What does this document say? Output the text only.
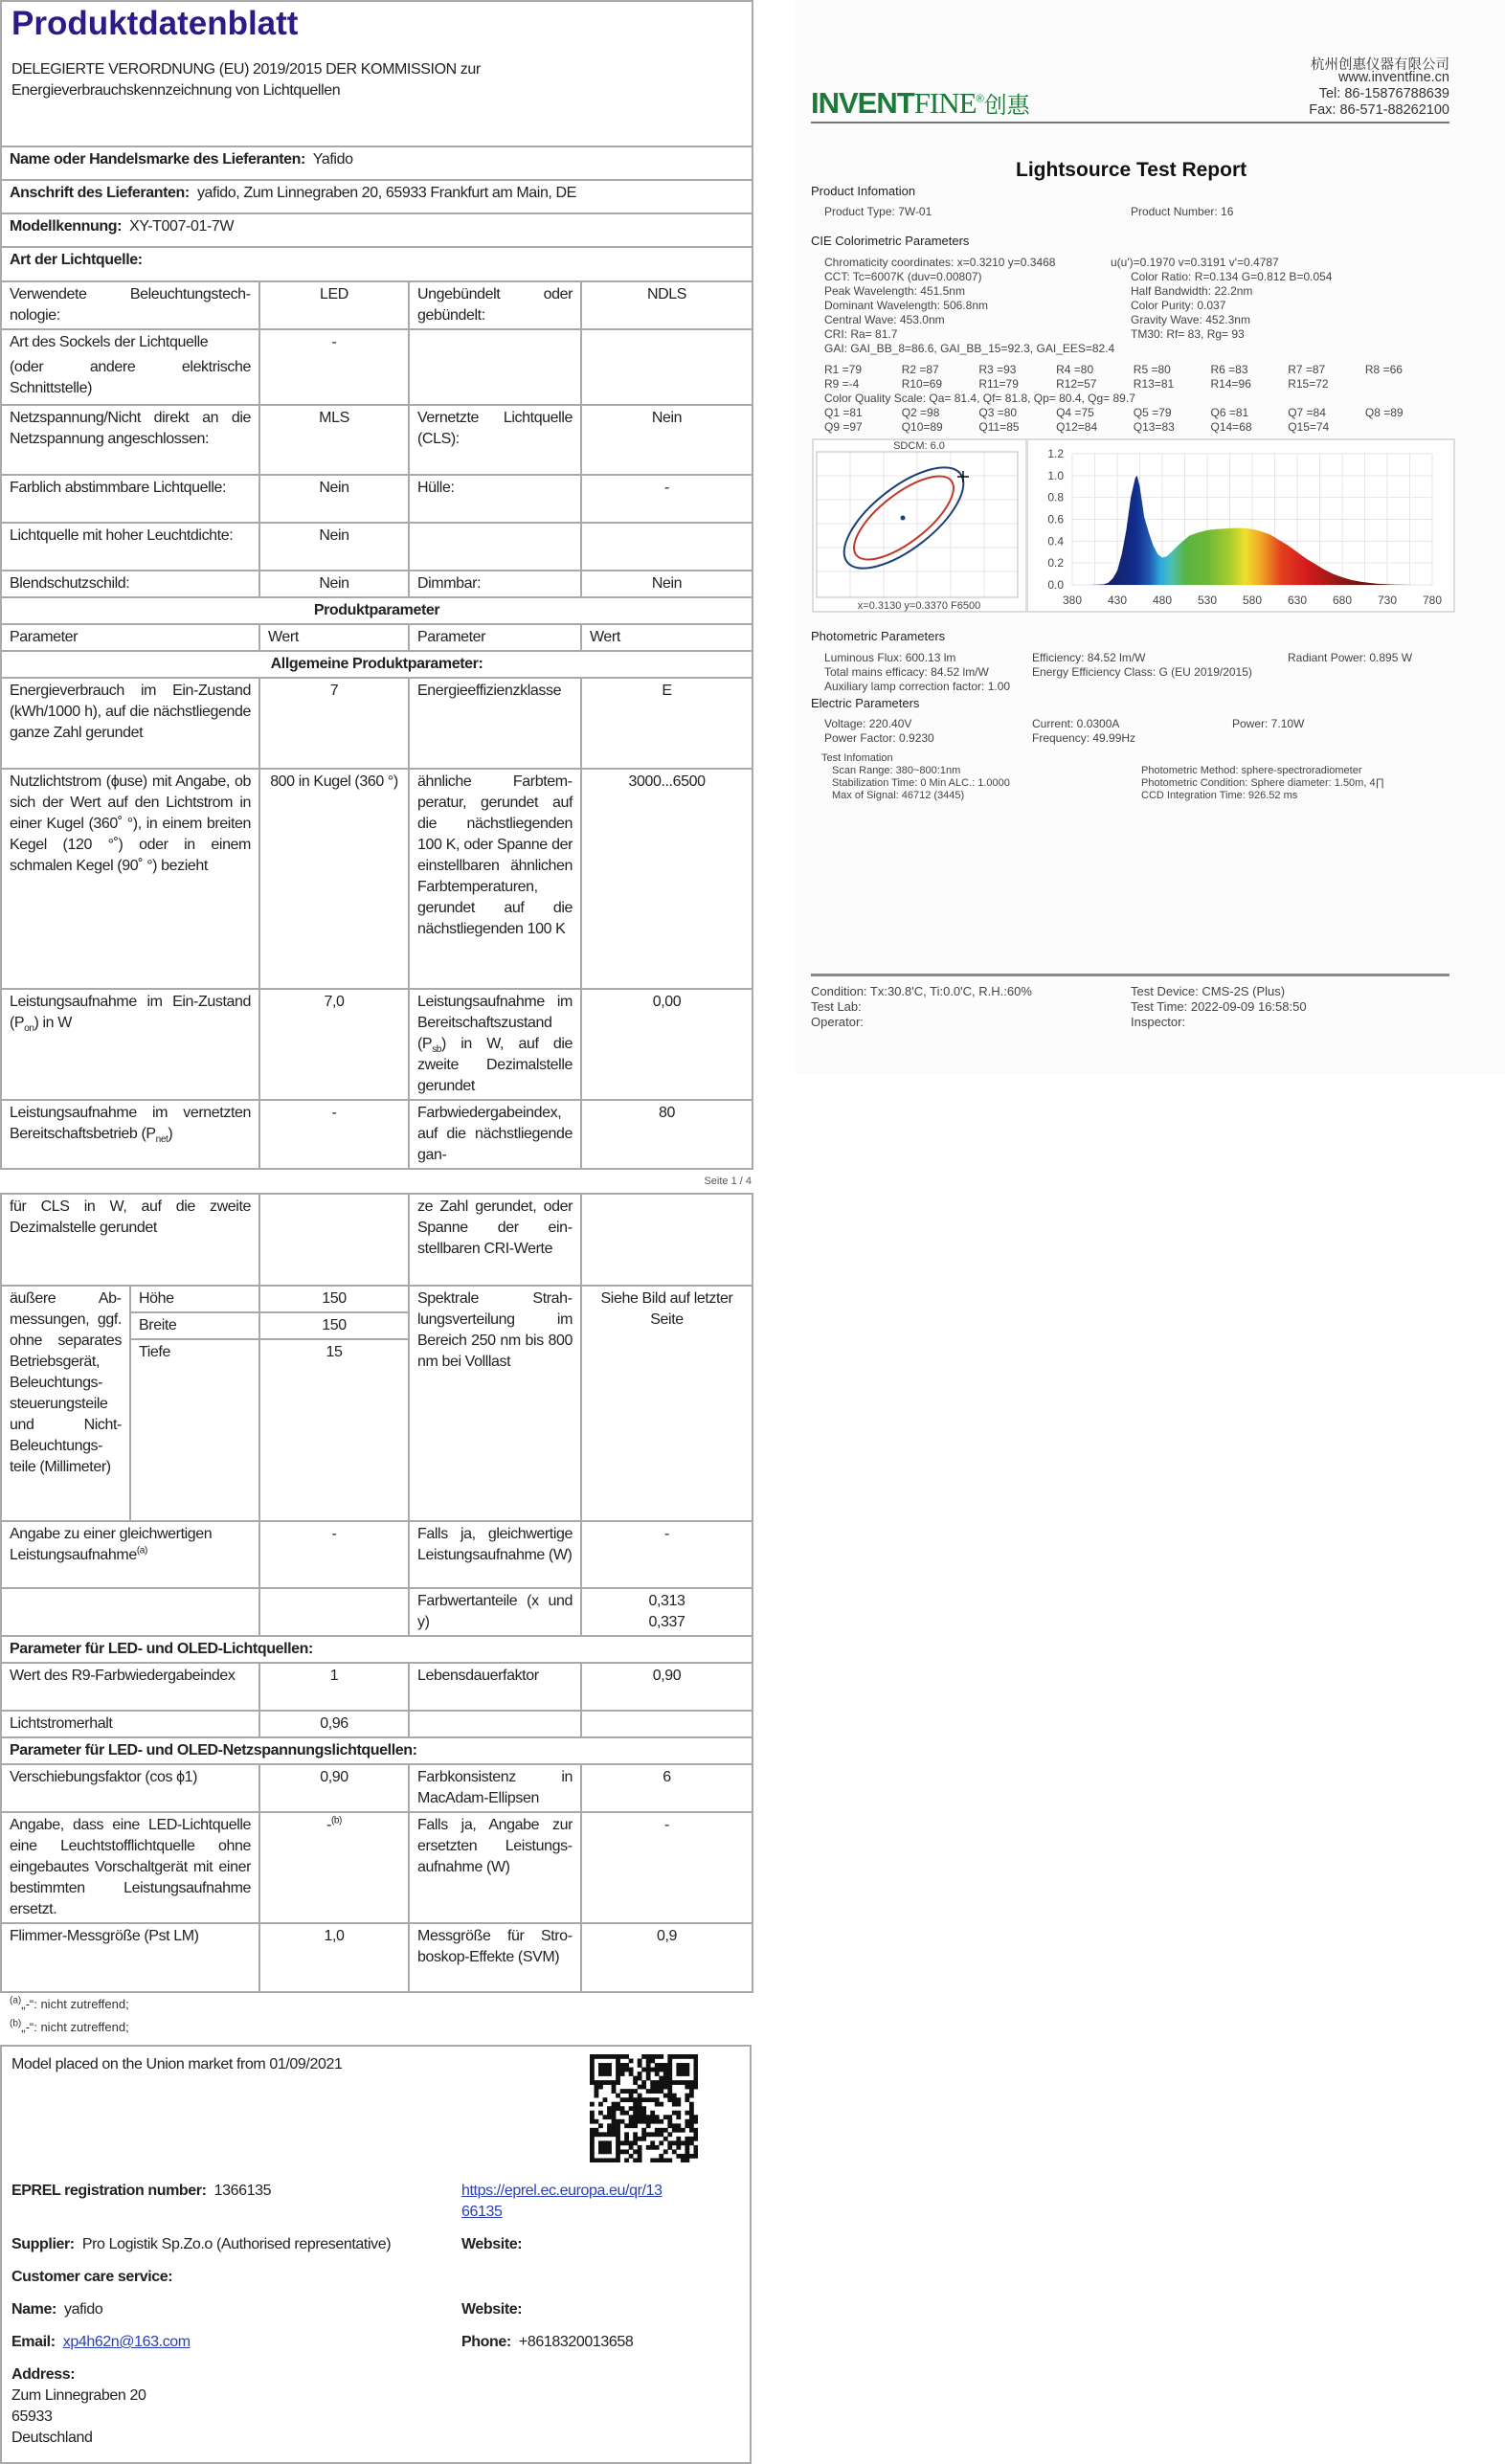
Produktdatenblatt
DELEGIERTE VERORDNUNG (EU) 2019/2015 DER KOMMISSION zur
Energieverbrauchskennzeichnung von Lichtquellen			

Name oder Handelsmarke des Lieferanten: Yafido			
Anschrift des Lieferanten: yafido, Zum Linnegraben 20, 65933 Frankfurt am Main, DE			
Modellkennung: XY-T007-01-7W			
Art der Lichtquelle:			
Verwendete Beleuchtungstechnologie:	LED	Ungebündelt oder gebündelt:	NDLS

Art des Sockels der Lichtquelle
(oder andere elektrische Schnittstelle)	-		
Netzspannung/Nicht direkt an die Netzspannung angeschlossen:	MLS	Vernetzte Lichtquelle (CLS):	Nein
Farblich abstimmbare Lichtquelle:	Nein	Hülle:	-
Lichtquelle mit hoher Leuchtdichte:	Nein		
Blendschutzschild:	Nein	Dimmbar:	Nein
Produktparameter			
Parameter	Wert	Parameter	Wert
Allgemeine Produktparameter:			
Energieverbrauch im Ein-Zustand (kWh/1000 h), auf die nächstliegende ganze Zahl gerundet	7	Energieeffizienzklasse	E
Nutzlichtstrom (ϕuse) mit Angabe, ob sich der Wert auf den Lichtstrom in einer Kugel (360˚ °), in einem breiten Kegel (120 °˚) oder in einem schmalen Kegel (90˚ °) bezieht	800 in Kugel (360 °)	ähnliche Farbtemperatur, gerundet auf die nächstliegenden 100 K, oder Spanne der einstellbaren ähnlichen Farbtemperaturen, gerundet auf die nächstliegenden 100 K	3000...6500
Leistungsaufnahme im Ein-Zustand $(P_{on})$ in W	7,0	Leistungsaufnahme im Bereitschaftszustand $(P_{sb})$ in W, auf die zweite Dezimalstelle gerundet	0,00
Leistungsaufnahme im vernetzten Bereitschaftsbetrieb $(P_{net})$	-	Farbwiedergabeindex, auf die nächstliegende gan-	80
Seite 1 / 4
für CLS in W, auf die zweite Dezimalstelle gerundet			ze Zahl gerundet, oder Spanne der einstellbaren CRI-Werte	
äußere Abmessungen, ggf. ohne separates Betriebsgerät, Beleuchtungssteuerungsteile und Nicht-Beleuchtungsteile (Millimeter)	Höhe	150	Spektrale Strahlungsverteilung im Bereich 250 nm bis 800 nm bei Volllast	Siehe Bild auf letzter Seite
	Breite	150		
	Tiefe	15		
Angabe zu einer gleichwertigen Leistungsaufnahme$^{(a)}$		-	Falls ja, gleichwertige Leistungsaufnahme (W)	-
			Farbwertanteile (x und y)	0,313
0,337

Parameter für LED- und OLED-Lichtquellen:				
Wert des R9-Farbwiedergabeindex		1	Lebensdauerfaktor	0,90
Lichtstromerhalt		0,96		
Parameter für LED- und OLED-Netzspannungslichtquellen:				
Verschiebungsfaktor (cos ϕ1)		0,90	Farbkonsistenz in MacAdam-Ellipsen	6
Angabe, dass eine LED-Lichtquelle eine Leuchtstofflichtquelle ohne eingebautes Vorschaltgerät mit einer bestimmten Leistungsaufnahme ersetzt.		-$^{(b)}$	Falls ja, Angabe zur ersetzten Leistungsaufnahme (W)	-
Flimmer-Messgröße (Pst LM)		1,0	Messgröße für Stroboskop-Effekte (SVM)	0,9
$^{(a)}$„-“: nicht zutreffend;
$^{(b)}$„-“: nicht zutreffend;
Model placed on the Union market from 01/09/2021
EPREL registration number: 1366135	https://eprel.ec.europa.eu/qr/13
66135
Supplier: Pro Logistik Sp.Zo.o (Authorised representative)	Website:
Customer care service:
Name: yafido	Website:
Email: xp4h62n@163.com	Phone: +8618320013658
Address:
Zum Linnegraben 20
65933
Deutschland
INVENTFINE®创惠
杭州创惠仪器有限公司
www.inventfine.cn
Tel: 86-15876788639
Fax: 86-571-88262100
Lightsource Test Report
Product Infomation
Product Type: 7W-01	Product Number: 16
CIE Colorimetric Parameters
Chromaticity coordinates: x=0.3210 y=0.3468
CCT: Tc=6007K (duv=0.00807)
Peak Wavelength: 451.5nm
Dominant Wavelength: 506.8nm
Central Wave: 453.0nm
CRI: Ra= 81.7
GAI: GAI_BB_8=86.6, GAI_BB_15=92.3, GAI_EES=82.4
u(u')=0.1970 v=0.3191 v'=0.4787
Color Ratio: R=0.134 G=0.812 B=0.054
Half Bandwidth: 22.2nm
Color Purity: 0.037
Gravity Wave: 452.3nm
TM30: Rf= 83, Rg= 93
R1 =79	R2 =87	R3 =93	R4 =80	R5 =80	R6 =83	R7 =87	R8 =66
R9 =-4	R10=69	R11=79	R12=57	R13=81	R14=96	R15=72
Q1 =81	Q2 =98	Q3 =80	Q4 =75	Q5 =79	Q6 =81	Q7 =84	Q8 =89
Q9 =97	Q10=89	Q11=85	Q12=84	Q13=83	Q14=68	Q15=74
Color Quality Scale: Qa= 81.4, Qf= 81.8, Qp= 80.4, Qg= 89.7
SDCM: 6.0
x=0.3130 y=0.3370 F6500
0.0
0.2
0.4
0.6
0.8
1.0
1.2
380 430 480 530 580 630 680 730 780
Photometric Parameters
Luminous Flux: 600.13 lm	Efficiency: 84.52 lm/W	Radiant Power: 0.895 W
Total mains efficacy: 84.52 lm/W	Energy Efficiency Class: G (EU 2019/2015)
Auxiliary lamp correction factor: 1.00
Electric Parameters
Voltage: 220.40V	Current: 0.0300A	Power: 7.10W
Power Factor: 0.9230	Frequency: 49.99Hz
Test Infomation
Scan Range: 380~800:1nm
Stabilization Time: 0 Min ALC.: 1.0000
Max of Signal: 46712 (3445)
Photometric Method: sphere-spectroradiometer
Photometric Condition: Sphere diameter: 1.50m, 4∏
CCD Integration Time: 926.52 ms
Condition: Tx:30.8'C, Ti:0.0'C, R.H.:60%
Test Lab:
Operator:
Test Device: CMS-2S (Plus)
Test Time: 2022-09-09 16:58:50
Inspector:
